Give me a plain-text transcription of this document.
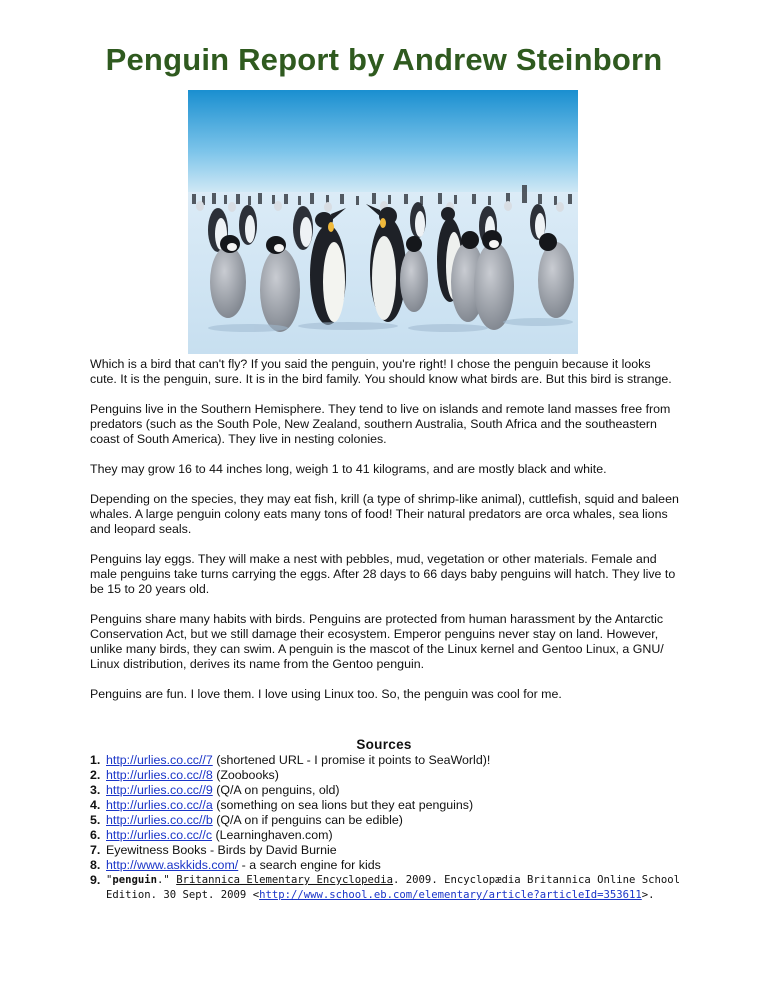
Penguin Report by Andrew Steinborn

Which is a bird that can't fly? If you said the penguin, you're right! I chose the penguin because it looks cute. It is the penguin, sure. It is in the bird family. You should know what birds are. But this bird is strange.

Penguins live in the Southern Hemisphere. They tend to live on islands and remote land masses free from predators (such as the South Pole, New Zealand, southern Australia, South Africa and the southeastern coast of South America). They live in nesting colonies.

They may grow 16 to 44 inches long, weigh 1 to 41 kilograms, and are mostly black and white.

Depending on the species, they may eat fish, krill (a type of shrimp-like animal), cuttlefish, squid and baleen whales. A large penguin colony eats many tons of food! Their natural predators are orca whales, sea lions and leopard seals.

Penguins lay eggs. They will make a nest with pebbles, mud, vegetation or other materials. Female and male penguins take turns carrying the eggs. After 28 days to 66 days baby penguins will hatch. They live to be 15 to 20 years old.

Penguins share many habits with birds. Penguins are protected from human harassment by the Antarctic Conservation Act, but we still damage their ecosystem. Emperor penguins never stay on land. However, unlike many birds, they can swim. A penguin is the mascot of the Linux kernel and Gentoo Linux, a GNU/ Linux distribution, derives its name from the Gentoo penguin.

Penguins are fun. I love them. I love using Linux too. So, the penguin was cool for me.

Sources
1. http://urlies.co.cc//7 (shortened URL - I promise it points to SeaWorld)!
2. http://urlies.co.cc//8 (Zoobooks)
3. http://urlies.co.cc//9 (Q/A on penguins, old)
4. http://urlies.co.cc//a (something on sea lions but they eat penguins)
5. http://urlies.co.cc//b (Q/A on if penguins can be edible)
6. http://urlies.co.cc//c (Learninghaven.com)
7. Eyewitness Books - Birds by David Burnie
8. http://www.askkids.com/ - a search engine for kids
9. "penguin." Britannica Elementary Encyclopedia. 2009. Encyclopædia Britannica Online School Edition. 30 Sept. 2009 <http://www.school.eb.com/elementary/article?articleId=353611>.
